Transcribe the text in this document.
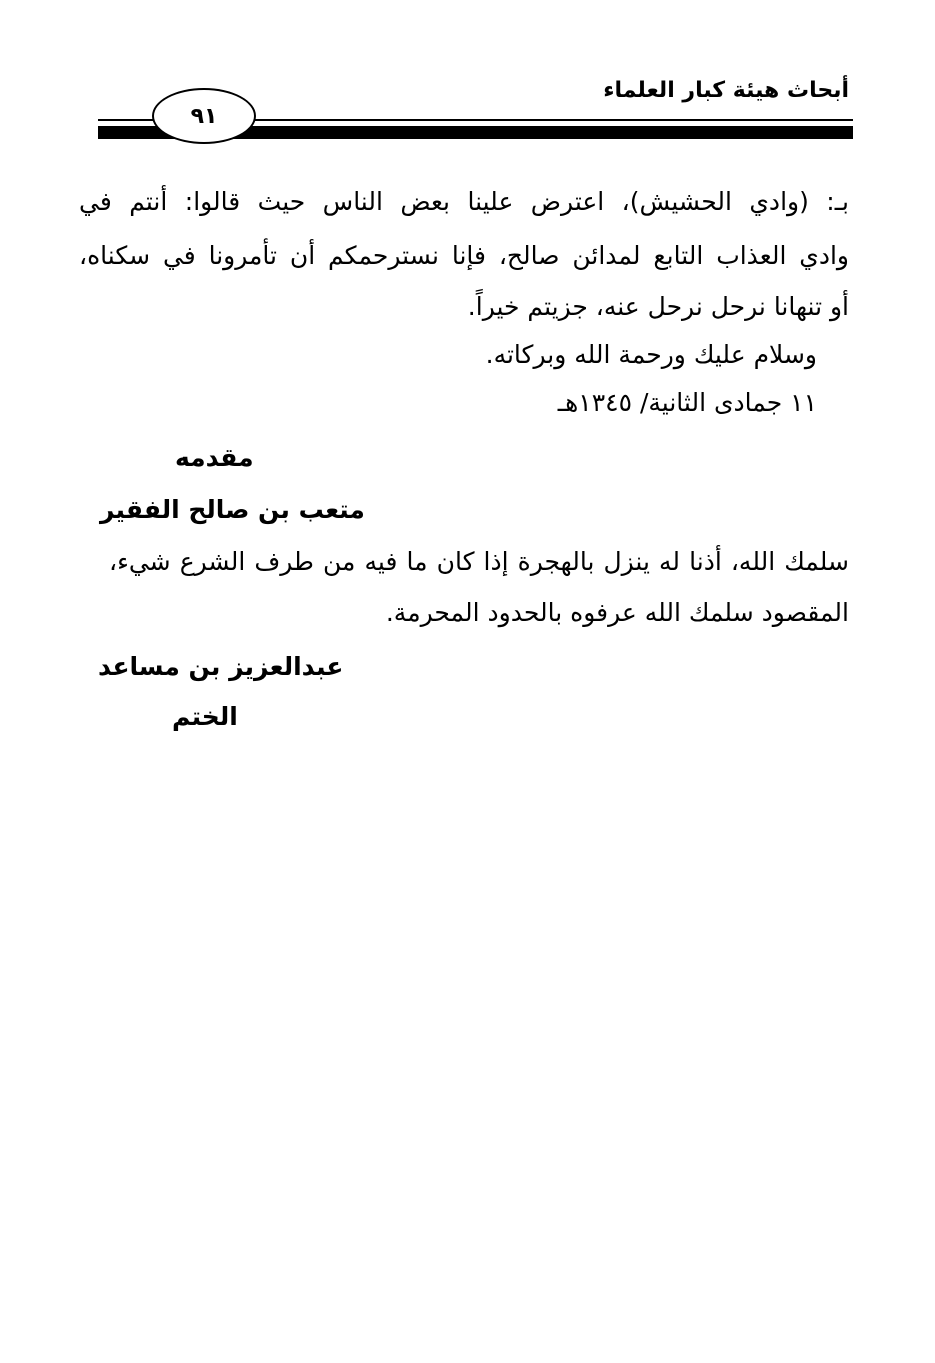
أبحاث هيئة كبار العلماء
٩١
بـ: (وادي الحشيش)، اعترض علينا بعض الناس حيث قالوا: أنتم في
وادي العذاب التابع لمدائن صالح، فإنا نسترحمكم أن تأمرونا في سكناه،
أو تنهانا نرحل نرحل عنه، جزيتم خيراً.
وسلام عليك ورحمة الله وبركاته.
١١ جمادى الثانية/ ١٣٤٥هـ
مقدمه
متعب بن صالح الفقير
سلمك الله، أذنا له ينزل بالهجرة إذا كان ما فيه من طرف الشرع شيء،
المقصود سلمك الله عرفوه بالحدود المحرمة.
عبدالعزيز بن مساعد
الختم
